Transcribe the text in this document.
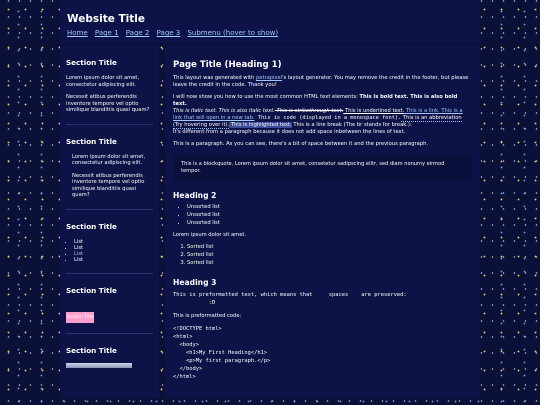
Website Title
Home Page 1 Page 2 Page 3 Submenu (hover to show)

Section Title

Lorem ipsum dolor sit amet, consectetur adipiscing elit.

Necessit atibus perferendis inventore tempore vel optio similique blanditiis quasi quam?

Section Title

Lorem ipsum dolor sit amet, consectetur adipiscing elit.

Necessit atibus perferendis inventore tempore vel optio similique blanditiis quasi quam?

Section Title

• List
• List
• List
• List

Section Title

Section Title

Section Title

Page Title (Heading 1)

This layout was generated with petrapixel's layout generator. You may remove the credit in the footer, but please leave the credit in the code. Thank you!

I will now show you how to use the most common HTML text elements: This is bold text. This is also bold text.
This is italic text. This is also italic text. This is strikethrough text. This is underlined text. This is a link. This is a link that will open in a new tab. This is code (displayed in a monospace font). This is an abbreviation (Try hovering over it). This is highlighted text. This is a line break (The br stands for break.):
It's different from a paragraph because it does not add space inbetween the lines of text.

This is a paragraph. As you can see, there's a bit of space between it and the previous paragraph.

This is a blockquote. Lorem ipsum dolor sit amet, consetetur sadipscing elitr, sed diam nonumy eirmod tempor.
Heading 2
• Unsorted list
• Unsorted list
• Unsorted list

Lorem ipsum dolor sit amet.

1. Sorted list
2. Sorted list
3. Sorted list
Heading 3
This is preformatted text, which means that     spaces    are preserved:
:D

This is preformatted code:

<!DOCTYPE html>
<html>
<body>
<h1>My First Heading</h1>
<p>My first paragraph.</p>
</body>
</html>
